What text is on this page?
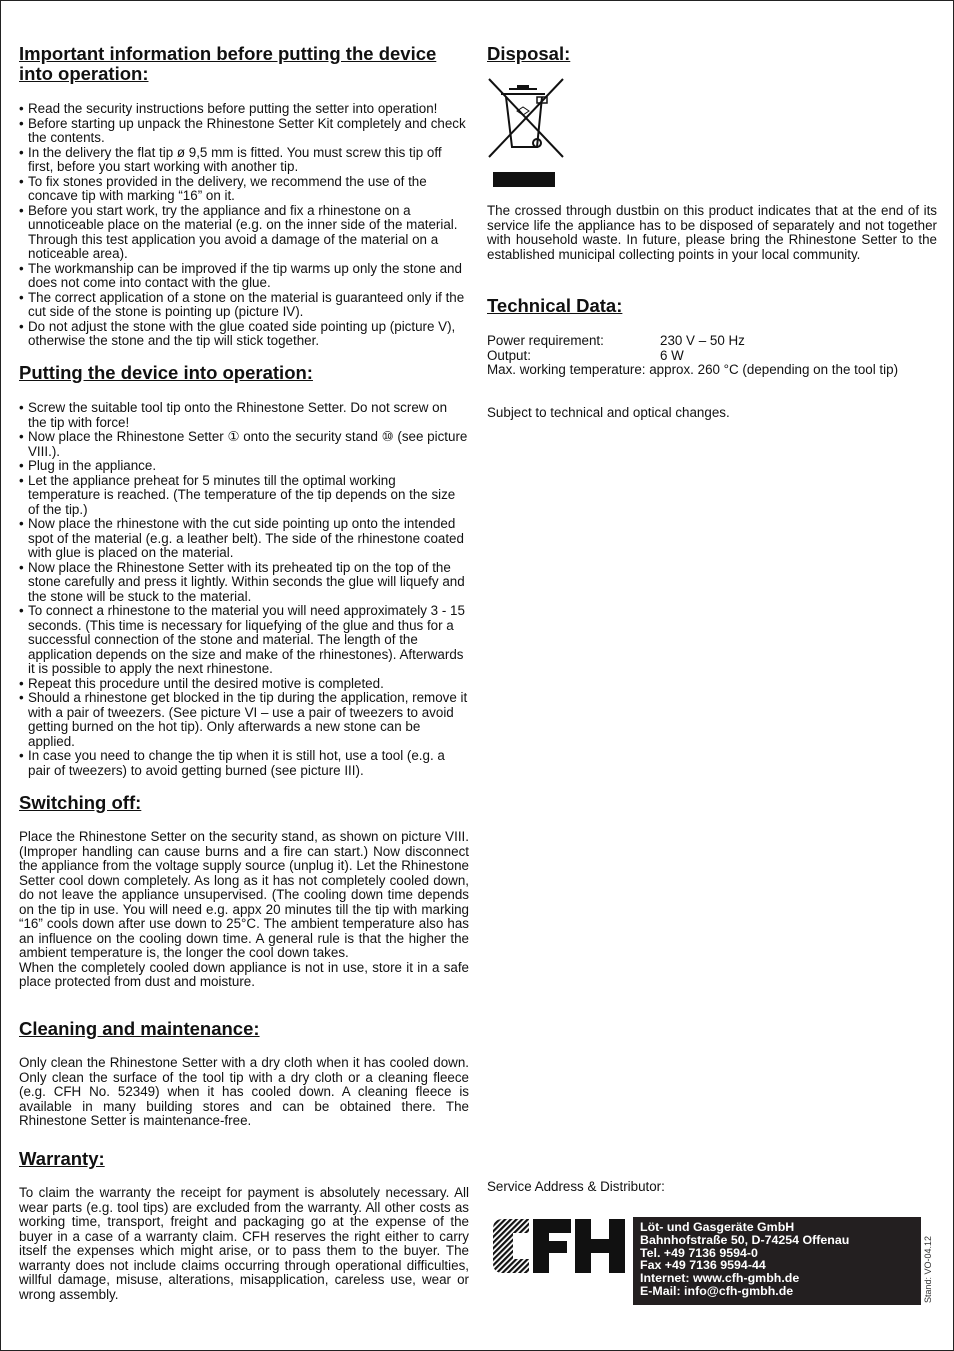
Important information before putting the device into operation:
• Read the security instructions before putting the setter into operation!
• Before starting up unpack the Rhinestone Setter Kit completely and check the contents.
• In the delivery the flat tip ø 9,5 mm is fitted. You must screw this tip off first, before you start working with another tip.
• To fix stones provided in the delivery, we recommend the use of the concave tip with marking “16” on it.
• Before you start work, try the appliance and fix a rhinestone on a unnoticeable place on the material (e.g. on the inner side of the material. Through this test application you avoid a damage of the material on a noticeable area).
• The workmanship can be improved if the tip warms up only the stone and does not come into contact with the glue.
• The correct application of a stone on the material is guaranteed only if the cut side of the stone is pointing up (picture IV).
• Do not adjust the stone with the glue coated side pointing up (picture V), otherwise the stone and the tip will stick together.
Putting the device into operation:
• Screw the suitable tool tip onto the Rhinestone Setter. Do not screw on the tip with force!
• Now place the Rhinestone Setter ① onto the security stand ⑩ (see picture VIII.).
• Plug in the appliance.
• Let the appliance preheat for 5 minutes till the optimal working temperature is reached. (The temperature of the tip depends on the size of the tip.)
• Now place the rhinestone with the cut side pointing up onto the intended spot of the material (e.g. a leather belt). The side of the rhinestone coated with glue is placed on the material.
• Now place the Rhinestone Setter with its preheated tip on the top of the stone carefully and press it lightly. Within seconds the glue will liquefy and the stone will be stuck to the material.
• To connect a rhinestone to the material you will need approximately 3 - 15 seconds. (This time is necessary for liquefying of the glue and thus for a successful connection of the stone and material. The length of the application depends on the size and make of the rhinestones). Afterwards it is possible to apply the next rhinestone.
• Repeat this procedure until the desired motive is completed.
• Should a rhinestone get blocked in the tip during the application, remove it with a pair of tweezers. (See picture VI – use a pair of tweezers to avoid getting burned on the hot tip). Only afterwards a new stone can be applied.
• In case you need to change the tip when it is still hot, use a tool (e.g. a pair of tweezers) to avoid getting burned (see picture III).
Switching off:

Place the Rhinestone Setter on the security stand, as shown on picture VIII. (Improper handling can cause burns and a fire can start.) Now disconnect the appliance from the voltage supply source (unplug it). Let the Rhinestone Setter cool down completely. As long as it has not completely cooled down, do not leave the appliance unsupervised. (The cooling down time depends on the tip in use. You will need e.g. appx 20 minutes till the tip with marking “16” cools down after use down to 25°C. The ambient temperature also has an influence on the cooling down time. A general rule is that the higher the ambient temperature is, the longer the cool down takes.

When the completely cooled down appliance is not in use, store it in a safe place protected from dust and moisture.

Cleaning and maintenance:

Only clean the Rhinestone Setter with a dry cloth when it has cooled down. Only clean the surface of the tool tip with a dry cloth or a cleaning fleece (e.g. CFH No. 52349) when it has cooled down. A cleaning fleece is available in many building stores and can be obtained there. The Rhinestone Setter is maintenance-free.

Warranty:

To claim the warranty the receipt for payment is absolutely necessary. All wear parts (e.g. tool tips) are excluded from the warranty. All other costs as working time, transport, freight and packaging go at the expense of the buyer in a case of a warranty claim. CFH reserves the right either to carry itself the expenses which might arise, or to pass them to the buyer. The warranty does not include claims occurring through operational difficulties, willful damage, misuse, alterations, misapplication, careless use, wear or wrong assembly.

Disposal:

The crossed through dustbin on this product indicates that at the end of its service life the appliance has to be disposed of separately and not together with household waste. In future, please bring the Rhinestone Setter to the established municipal collecting points in your local community.

Technical Data:
Power requirement:	230 V – 50 Hz
Output:	6 W
Max. working temperature: approx. 260 °C (depending on the tool tip)

Subject to technical and optical changes.

Service Address & Distributor:

Löt- und Gasgeräte GmbH
Bahnhofstraße 50, D-74254 Offenau
Tel. +49 7136 9594-0
Fax +49 7136 9594-44
Internet: www.cfh-gmbh.de
E-Mail: info@cfh-gmbh.de	Stand: VO-04.12
